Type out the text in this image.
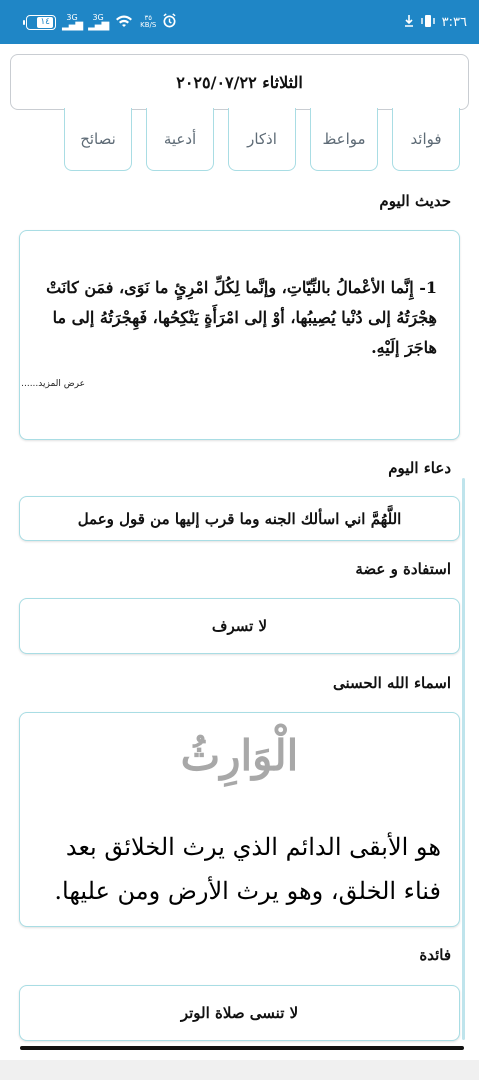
١٤	3G
▂▄▆
3G
▂▄▆
٣٥
KB/S	٣:٣٦
الثلاثاء ٢٠٢٥/٠٧/٢٢
فوائد
مواعظ
اذكار
أدعية
نصائح
حديث اليوم
1- إِنَّما الأعْمالُ بالنِّيّاتِ، وإنَّما لِكُلِّ امْرِئٍ ما نَوَى، فمَن كانَتْ هِجْرَتُهُ إلى دُنْيا يُصِيبُها، أوْ إلى امْرَأَةٍ يَنْكِحُها، فَهِجْرَتُهُ إلى ما هاجَرَ إلَيْهِ.
عرض المزيد......
دعاء اليوم
اللَّهُمَّ اني اسألك الجنه وما قرب إليها من قول وعمل
استفادة و عضة
لا تسرف
اسماء الله الحسنى
الْوَارِثُ
هو الأبقى الدائم الذي يرث الخلائق بعد فناء الخلق، وهو يرث الأرض ومن عليها.
فائدة
لا تنسى صلاة الوتر
